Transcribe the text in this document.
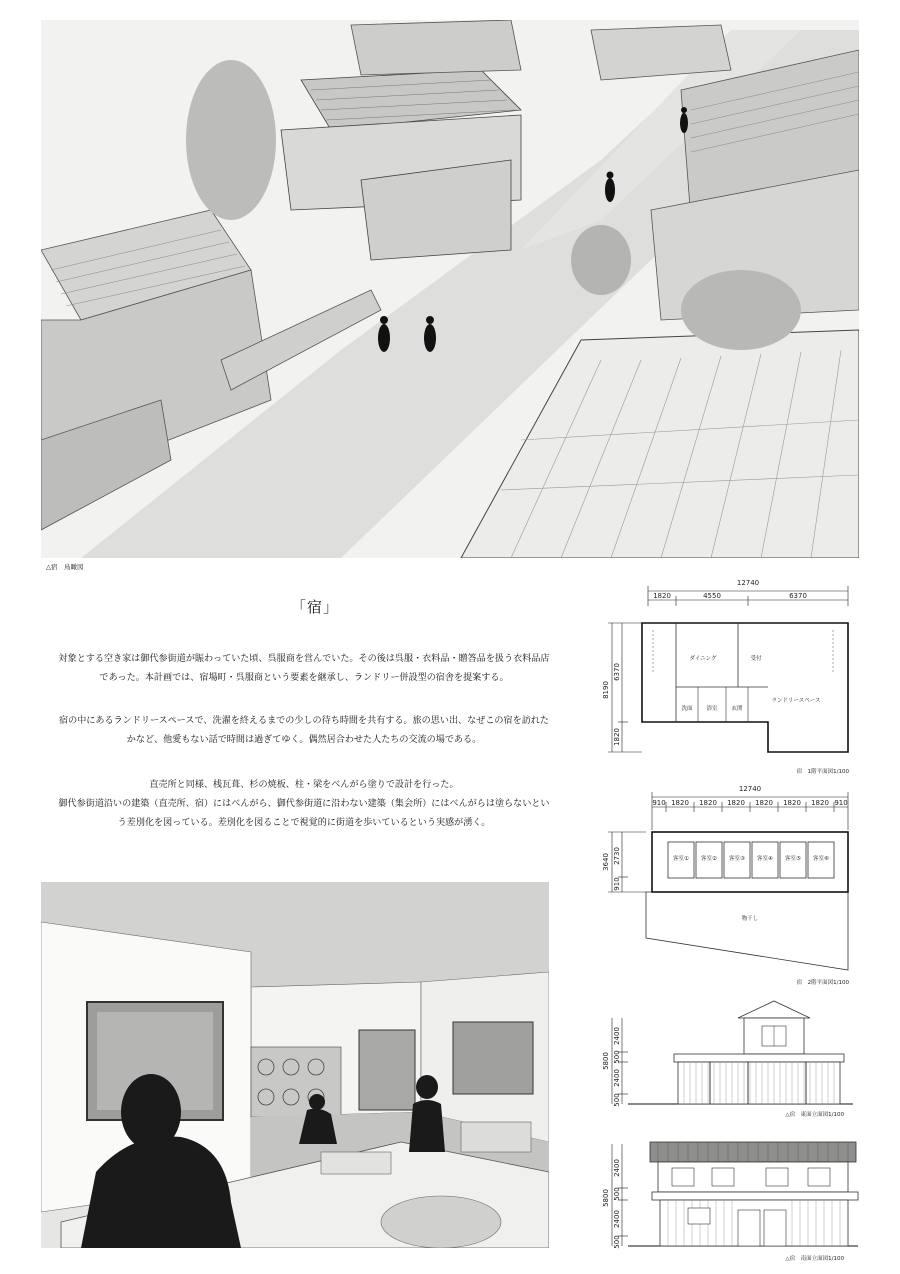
△宿　鳥瞰図
「宿」

対象とする空き家は御代参街道が賑わっていた頃、呉服商を営んでいた。その後は呉服・衣料品・贈答品を扱う衣料品店

であった。本計画では、宿場町・呉服商という要素を継承し、ランドリー併設型の宿舎を提案する。

宿の中にあるランドリースペースで、洗濯を終えるまでの少しの待ち時間を共有する。旅の思い出、なぜこの宿を訪れた

かなど、他愛もない話で時間は過ぎてゆく。偶然居合わせた人たちの交流の場である。

直売所と同様、桟瓦葺、杉の焼板、柱・梁をべんがら塗りで設計を行った。

御代参街道沿いの建築（直売所、宿）にはべんがら、御代参街道に沿わない建築（集会所）にはべんがらは塗らないとい

う差別化を図っている。差別化を図ることで視覚的に街道を歩いているという実感が湧く。

12740
1820	4550	6370
8190
6370
1820
ダイニング	受付
ランドリースペース
洗面	浴室	玄関
宿　1階平面図1/100
12740
910 1820 1820 1820 1820 1820 1820 910
3640 2730
910
客室① 客室② 客室③ 客室④ 客室⑤ 客室⑥
物干し
宿　2階平面図1/100
5800
2400
500
2400
500
△宿　東面立面図1/100
5800
2400
500
2400
500
△宿　南面立面図1/100
